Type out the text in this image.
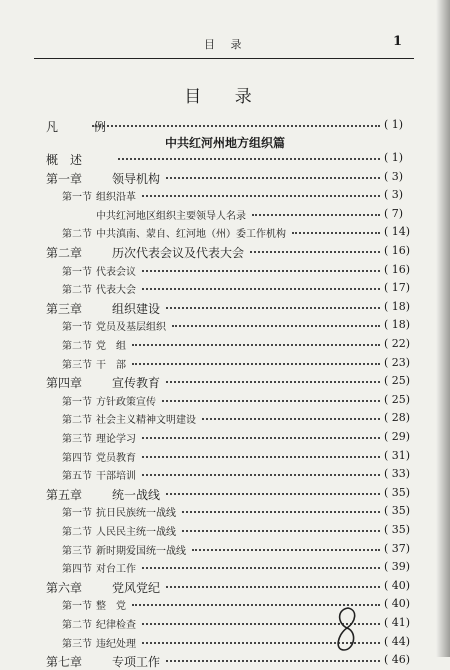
目 录	1
目 录
凡 例	( 1)
中共红河州地方组织篇
概　述	( 1)
第一章 领导机构	( 3)
第一节 组织沿革	( 3)
中共红河地区组织主要领导人名录	( 7)
第二节 中共滇南、蒙自、红河地（州）委工作机构	( 14)
第二章 历次代表会议及代表大会	( 16)
第一节 代表会议	( 16)
第二节 代表大会	( 17)
第三章 组织建设	( 18)
第一节 党员及基层组织	( 18)
第二节 党　组	( 22)
第三节 干　部	( 23)
第四章 宣传教育	( 25)
第一节 方针政策宣传	( 25)
第二节 社会主义精神文明建设	( 28)
第三节 理论学习	( 29)
第四节 党员教育	( 31)
第五节 干部培训	( 33)
第五章 统一战线	( 35)
第一节 抗日民族统一战线	( 35)
第二节 人民民主统一战线	( 35)
第三节 新时期爱国统一战线	( 37)
第四节 对台工作	( 39)
第六章 党风党纪	( 40)
第一节 整　党	( 40)
第二节 纪律检查	( 41)
第三节 违纪处理	( 44)
第七章 专项工作	( 46)
